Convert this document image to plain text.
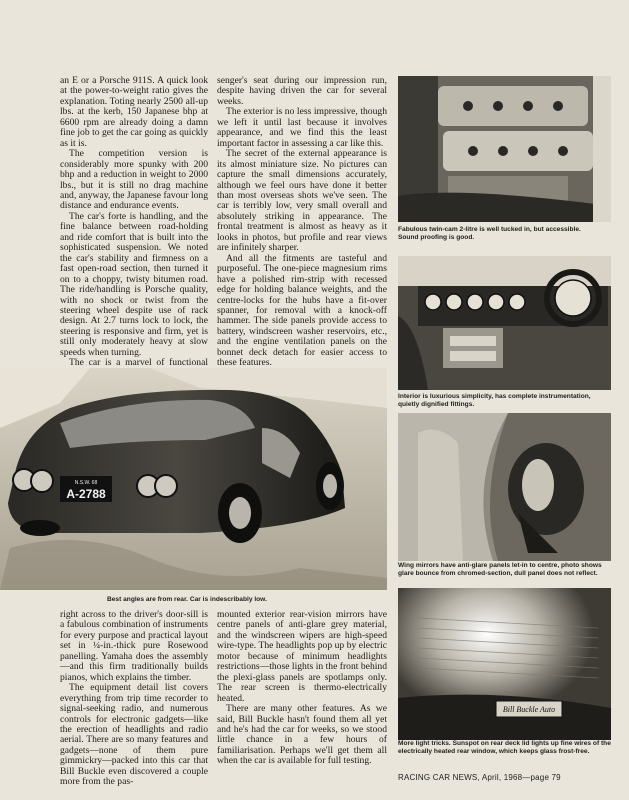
an E or a Porsche 911S. A quick look at the power-to-weight ratio gives the explanation. Toting nearly 2500 all-up lbs. at the kerb, 150 Japanese bhp at 6600 rpm are already doing a damn fine job to get the car going as quickly as it is.

The competition version is considerably more spunky with 200 bhp and a reduction in weight to 2000 lbs., but it is still no drag machine and, anyway, the Japanese favour long distance and endurance events.

The car's forte is handling, and the fine balance between road-holding and ride comfort that is built into the sophisticated suspension. We noted the car's stability and firmness on a fast open-road section, then turned it on to a choppy, twisty bitumen road. The ride/handling is Porsche quality, with no shock or twist from the steering wheel despite use of rack design. At 2.7 turns lock to lock, the steering is responsive and firm, yet is still only moderately heavy at slow speeds when turning.

The car is a marvel of functional

senger's seat during our impression run, despite having driven the car for several weeks.

The exterior is no less impressive, though we left it until last because it involves appearance, and we find this the least important factor in assessing a car like this.

The secret of the external appearance is its almost miniature size. No pictures can capture the small dimensions accurately, although we feel ours have done it better than most overseas shots we've seen. The car is terribly low, very small overall and absolutely striking in appearance. The frontal treatment is almost as heavy as it looks in photos, but profile and rear views are infinitely sharper.

And all the fitments are tasteful and purposeful. The one-piece magnesium rims have a polished rim-strip with recessed edge for holding balance weights, and the centre-locks for the hubs have a fit-over spanner, for removal with a knock-off hammer. The side panels provide access to battery, windscreen washer reservoirs, etc., and the engine ventilation panels on the bonnet deck detach for easier access to these features.

right across to the driver's door-sill is a fabulous combination of instruments for every purpose and practical layout set in ¼-in.-thick pure Rosewood panelling. Yamaha does the assembly—and this firm traditionally builds pianos, which explains the timber.

The equipment detail list covers everything from trip time recorder to signal-seeking radio, and numerous controls for electronic gadgets—like the erection of headlights and radio aerial. There are so many features and gadgets—none of them pure gimmickry—packed into this car that Bill Buckle even discovered a couple more from the pas-

mounted exterior rear-vision mirrors have centre panels of anti-glare grey material, and the windscreen wipers are high-speed wire-type. The headlights pop up by electric motor because of minimum headlights restrictions—those lights in the front behind the plexi-glass panels are spotlamps only. The rear screen is thermo-electrically heated.

There are many other features. As we said, Bill Buckle hasn't found them all yet and he's had the car for weeks, so we stood little chance in a few hours of familiarisation. Perhaps we'll get them all when the car is available for full testing.

N.S.W. 68
A-2788
Best angles are from rear. Car is indescribably low.
Fabulous twin-cam 2-litre is well tucked in, but accessible. Sound proofing is good.
Interior is luxurious simplicity, has complete instrumentation, quietly dignified fittings.
Wing mirrors have anti-glare panels let-in to centre, photo shows glare bounce from chromed-section, dull panel does not reflect.
Bill Buckle Auto
More light tricks. Sunspot on rear deck lid lights up fine wires of the electrically heated rear window, which keeps glass frost-free.
RACING CAR NEWS, April, 1968—page 79
